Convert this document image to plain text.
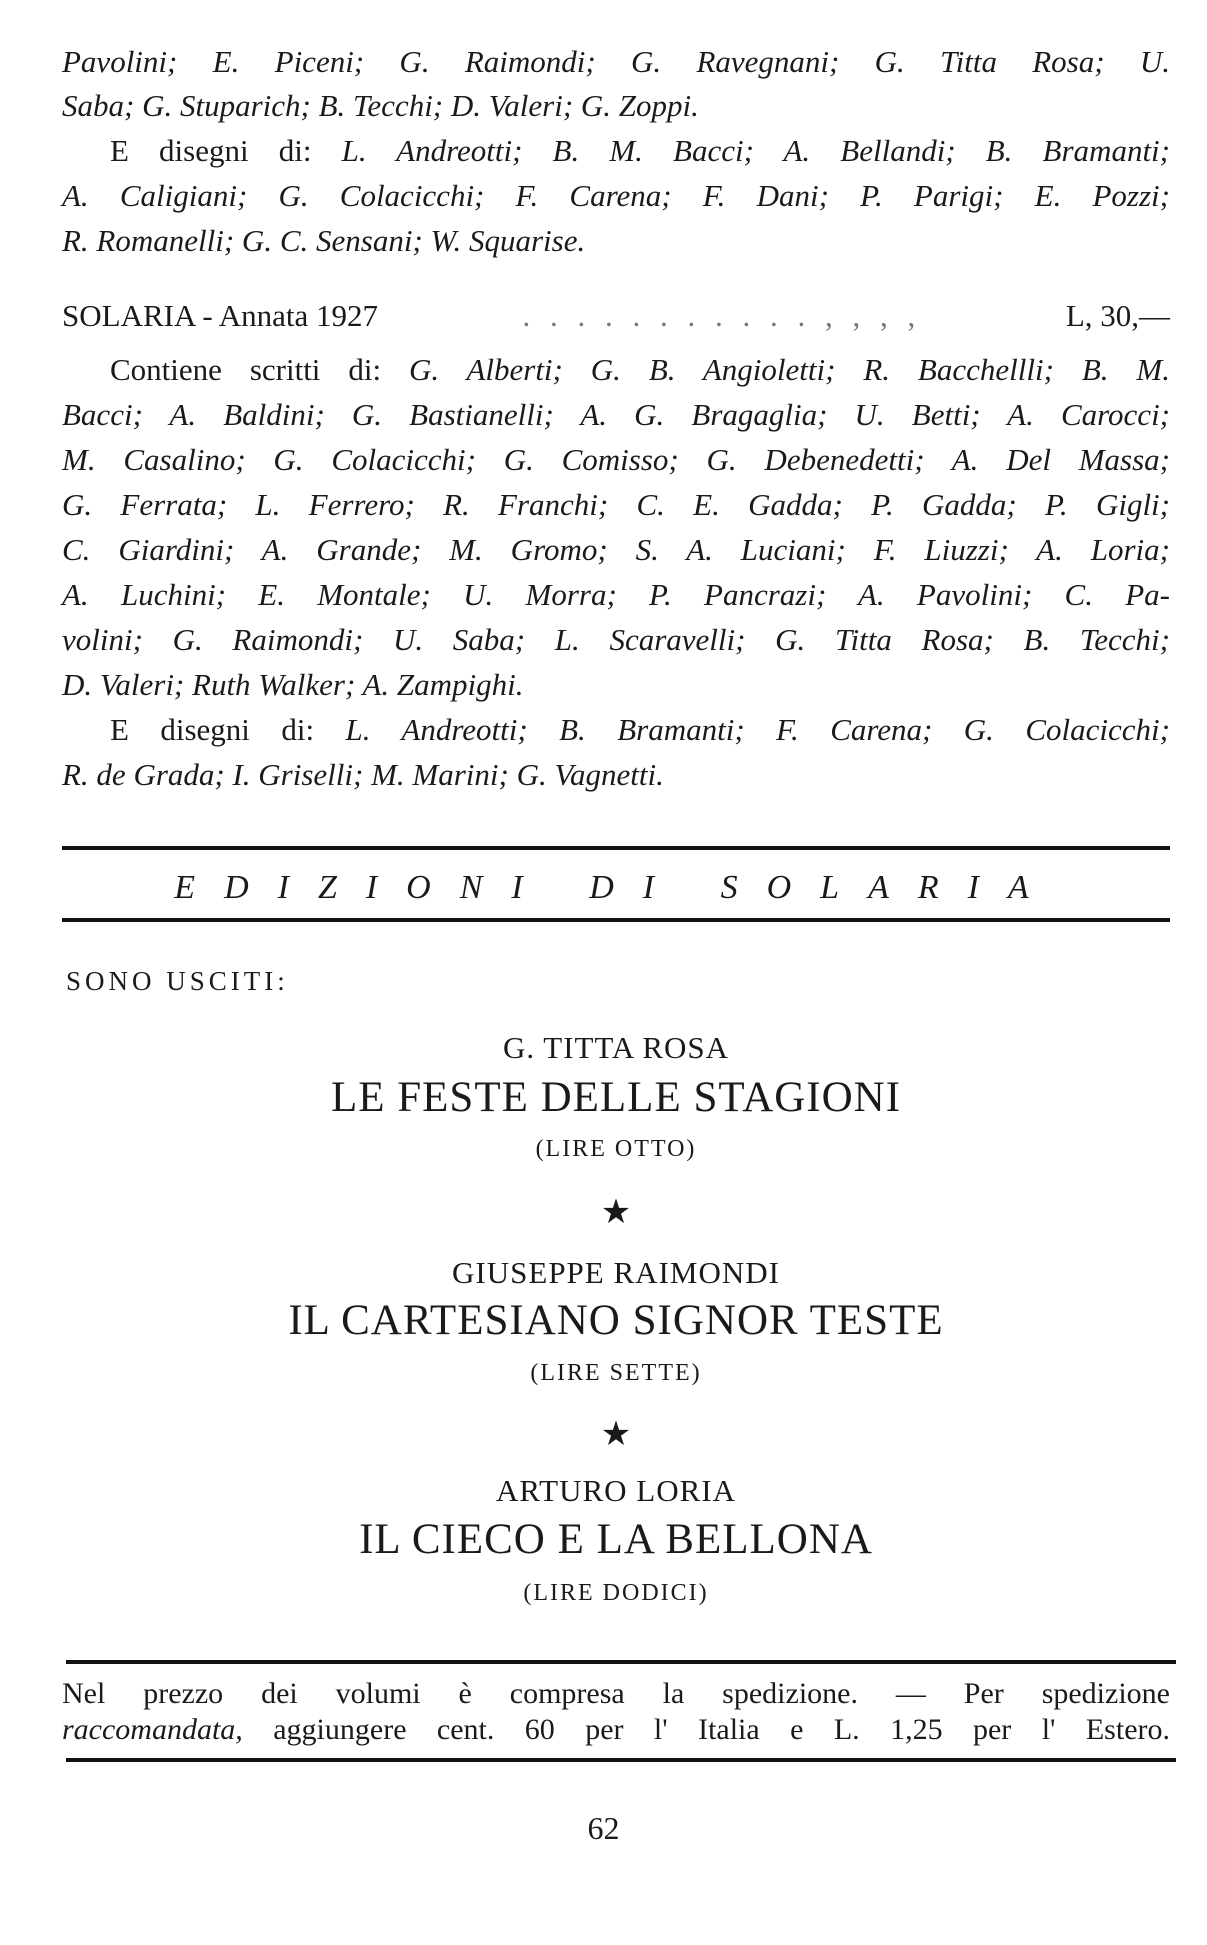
Pavolini; E. Piceni; G. Raimondi; G. Ravegnani; G. Titta Rosa; U.
Saba; G. Stuparich; B. Tecchi; D. Valeri; G. Zoppi.
E disegni di: L. Andreotti; B. M. Bacci; A. Bellandi; B. Bramanti;
A. Caligiani; G. Colacicchi; F. Carena; F. Dani; P. Parigi; E. Pozzi;
R. Romanelli; G. C. Sensani; W. Squarise.
SOLARIA - Annata 1927	. . . . . . . . . . . , , , ,	L, 30,—
Contiene scritti di: G. Alberti; G. B. Angioletti; R. Bacchellli; B. M.
Bacci; A. Baldini; G. Bastianelli; A. G. Bragaglia; U. Betti; A. Carocci;
M. Casalino; G. Colacicchi; G. Comisso; G. Debenedetti; A. Del Massa;
G. Ferrata; L. Ferrero; R. Franchi; C. E. Gadda; P. Gadda; P. Gigli;
C. Giardini; A. Grande; M. Gromo; S. A. Luciani; F. Liuzzi; A. Loria;
A. Luchini; E. Montale; U. Morra; P. Pancrazi; A. Pavolini; C. Pa-
volini; G. Raimondi; U. Saba; L. Scaravelli; G. Titta Rosa; B. Tecchi;
D. Valeri; Ruth Walker; A. Zampighi.
E disegni di: L. Andreotti; B. Bramanti; F. Carena; G. Colacicchi;
R. de Grada; I. Griselli; M. Marini; G. Vagnetti.
EDIZIONI DI SOLARIA
SONO USCITI:
G. TITTA ROSA
LE FESTE DELLE STAGIONI
(LIRE OTTO)
★
GIUSEPPE RAIMONDI
IL CARTESIANO SIGNOR TESTE
(LIRE SETTE)
★
ARTURO LORIA
IL CIECO E LA BELLONA
(LIRE DODICI)
Nel prezzo dei volumi è compresa la spedizione. — Per spedizione
raccomandata, aggiungere cent. 60 per l' Italia e L. 1,25 per l' Estero.
62
